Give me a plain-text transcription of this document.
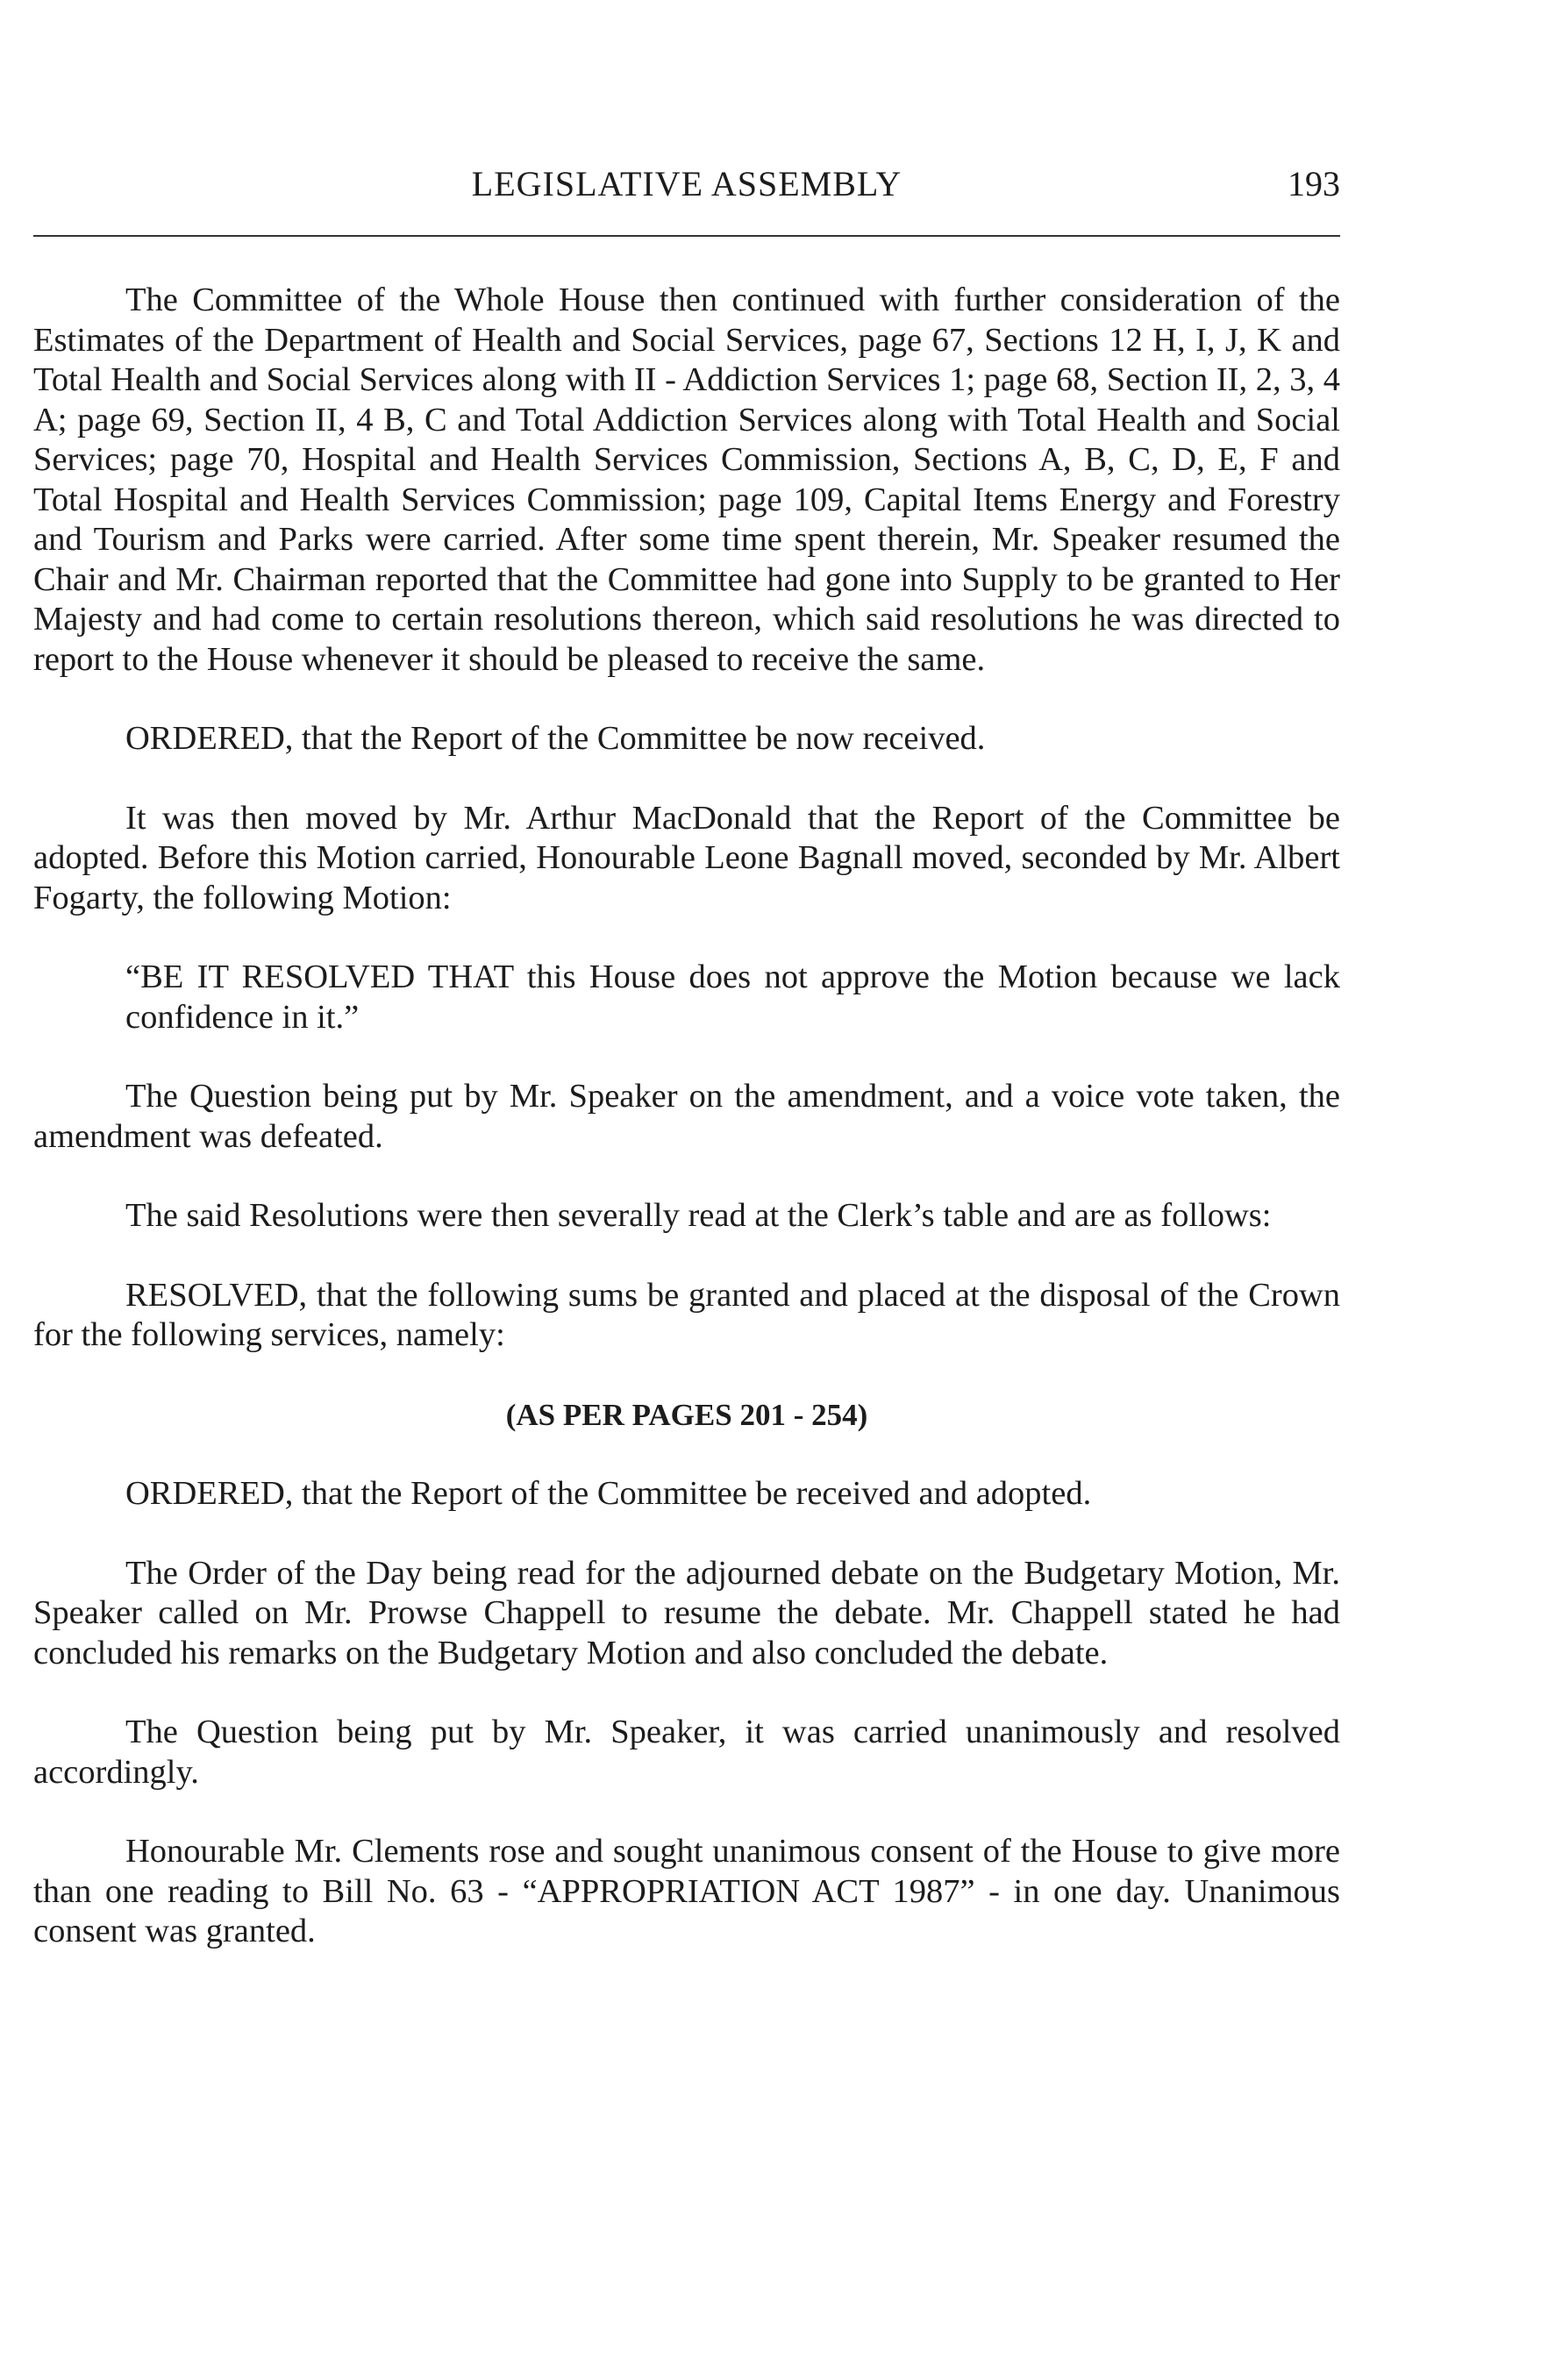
LEGISLATIVE ASSEMBLY	193

The Committee of the Whole House then continued with further consideration of the Estimates of the Department of Health and Social Services, page 67, Sections 12 H, I, J, K and Total Health and Social Services along with II - Addiction Services 1; page 68, Section II, 2, 3, 4 A; page 69, Section II, 4 B, C and Total Addiction Services along with Total Health and Social Services; page 70, Hospital and Health Services Commission, Sections A, B, C, D, E, F and Total Hospital and Health Services Commission; page 109, Capital Items Energy and Forestry and Tourism and Parks were carried. After some time spent therein, Mr. Speaker resumed the Chair and Mr. Chairman reported that the Committee had gone into Supply to be granted to Her Majesty and had come to certain resolutions thereon, which said resolutions he was directed to report to the House whenever it should be pleased to receive the same.

ORDERED, that the Report of the Committee be now received.

It was then moved by Mr. Arthur MacDonald that the Report of the Committee be adopted. Before this Motion carried, Honourable Leone Bagnall moved, seconded by Mr. Albert Fogarty, the following Motion:

“BE IT RESOLVED THAT this House does not approve the Motion because we lack confidence in it.”

The Question being put by Mr. Speaker on the amendment, and a voice vote taken, the amendment was defeated.

The said Resolutions were then severally read at the Clerk’s table and are as follows:

RESOLVED, that the following sums be granted and placed at the disposal of the Crown for the following services, namely:

(AS PER PAGES 201 - 254)

ORDERED, that the Report of the Committee be received and adopted.

The Order of the Day being read for the adjourned debate on the Budgetary Motion, Mr. Speaker called on Mr. Prowse Chappell to resume the debate. Mr. Chappell stated he had concluded his remarks on the Budgetary Motion and also concluded the debate.

The Question being put by Mr. Speaker, it was carried unanimously and resolved accordingly.

Honourable Mr. Clements rose and sought unanimous consent of the House to give more than one reading to Bill No. 63 - “APPROPRIATION ACT 1987” - in one day. Unanimous consent was granted.
